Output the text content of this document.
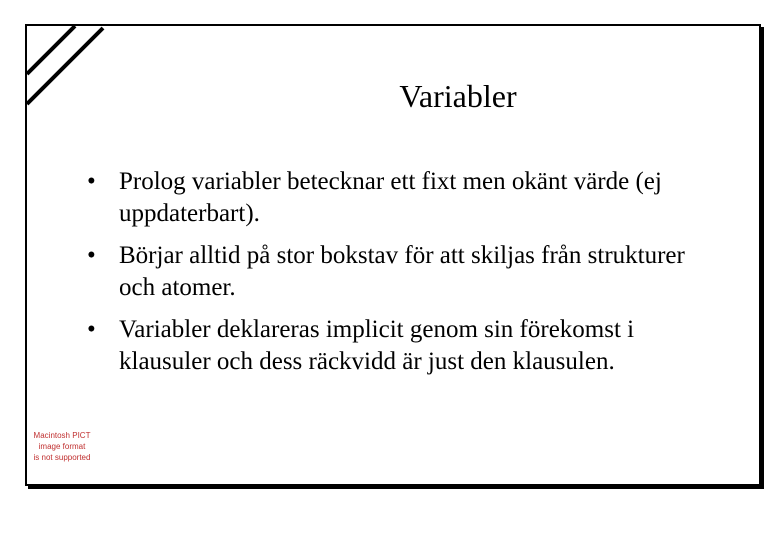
Variabler
• Prolog variabler betecknar ett fixt men okänt värde (ej uppdaterbart).
• Börjar alltid på stor bokstav för att skiljas från strukturer och atomer.
• Variabler deklareras implicit genom sin förekomst i klausuler och dess räckvidd är just den klausulen.
Macintosh PICT
image format
is not supported
